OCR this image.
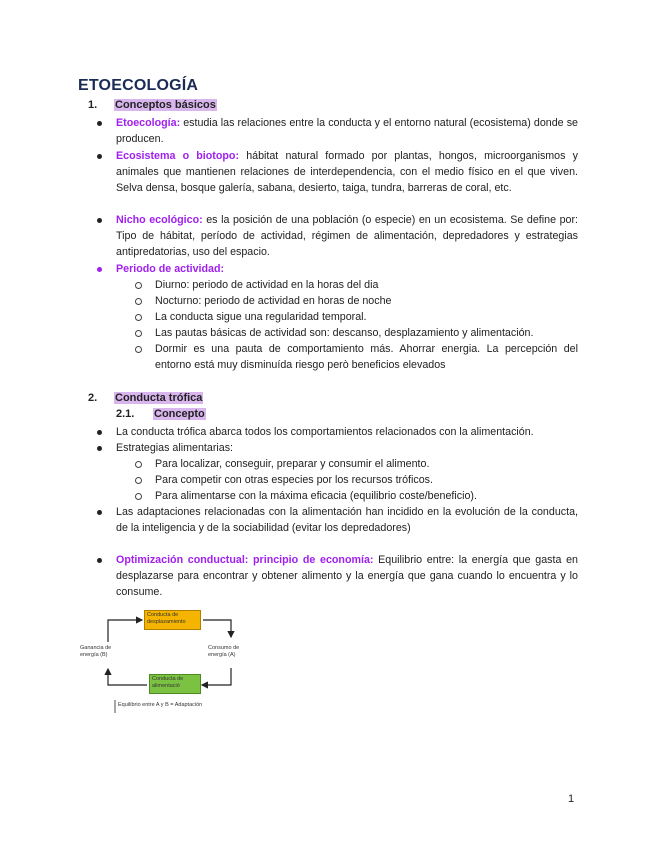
ETOECOLOGÍA
1. Conceptos básicos
Etoecología: estudia las relaciones entre la conducta y el entorno natural (ecosistema) donde se producen.
Ecosistema o biotopo: hábitat natural formado por plantas, hongos, microorganismos y animales que mantienen relaciones de interdependencia, con el medio físico en el que viven. Selva densa, bosque galería, sabana, desierto, taiga, tundra, barreras de coral, etc.
Nicho ecológico: es la posición de una población (o especie) en un ecosistema. Se define por: Tipo de hábitat, período de actividad, régimen de alimentación, depredadores y estrategias antipredatorias, uso del espacio.
Periodo de actividad:
Diurno: periodo de actividad en la horas del dia
Nocturno: periodo de actividad en horas de noche
La conducta sigue una regularidad temporal.
Las pautas básicas de actividad son: descanso, desplazamiento y alimentación.
Dormir es una pauta de comportamiento más. Ahorrar energia. La percepción del entorno está muy disminuída riesgo però beneficios elevados
2. Conducta trófica
2.1. Concepto
La conducta trófica abarca todos los comportamientos relacionados con la alimentación.
Estrategias alimentarias:
Para localizar, conseguir, preparar y consumir el alimento.
Para competir con otras especies por los recursos tróficos.
Para alimentarse con la máxima eficacia (equilibrio coste/beneficio).
Las adaptaciones relacionadas con la alimentación han incidido en la evolución de la conducta, de la inteligencia y de la sociabilidad (evitar los depredadores)
Optimización conductual: principio de economía: Equilibrio entre: la energía que gasta en desplazarse para encontrar y obtener alimento y la energía que gana cuando lo encuentra y lo consume.
Conducta de desplazamiento
Conducta de alimentació
Ganancia de energía (B)
Consumo de energía (A)
Equilibrio entre A y B = Adaptación
1
